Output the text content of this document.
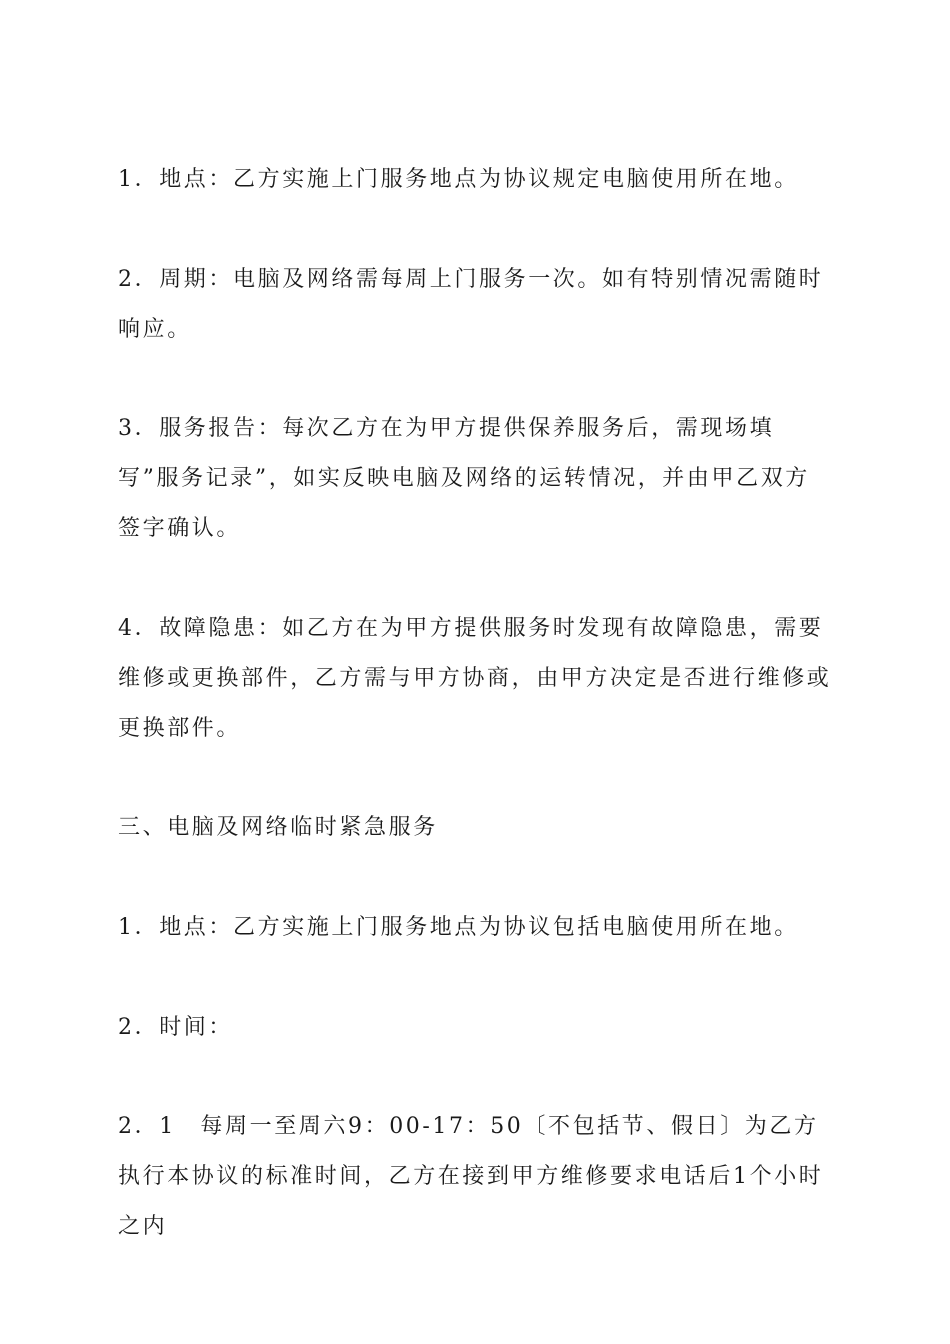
1．地点：乙方实施上门服务地点为协议规定电脑使用所在地。

2．周期：电脑及网络需每周上门服务一次。如有特别情况需随时响应。

3．服务报告：每次乙方在为甲方提供保养服务后，需现场填写”服务记录”，如实反映电脑及网络的运转情况，并由甲乙双方签字确认。

4．故障隐患：如乙方在为甲方提供服务时发现有故障隐患，需要维修或更换部件，乙方需与甲方协商，由甲方决定是否进行维修或更换部件。

三、电脑及网络临时紧急服务

1．地点：乙方实施上门服务地点为协议包括电脑使用所在地。

2．时间：

2．1　每周一至周六9：00-17：50〔不包括节、假日〕为乙方执行本协议的标准时间，乙方在接到甲方维修要求电话后1个小时之内
